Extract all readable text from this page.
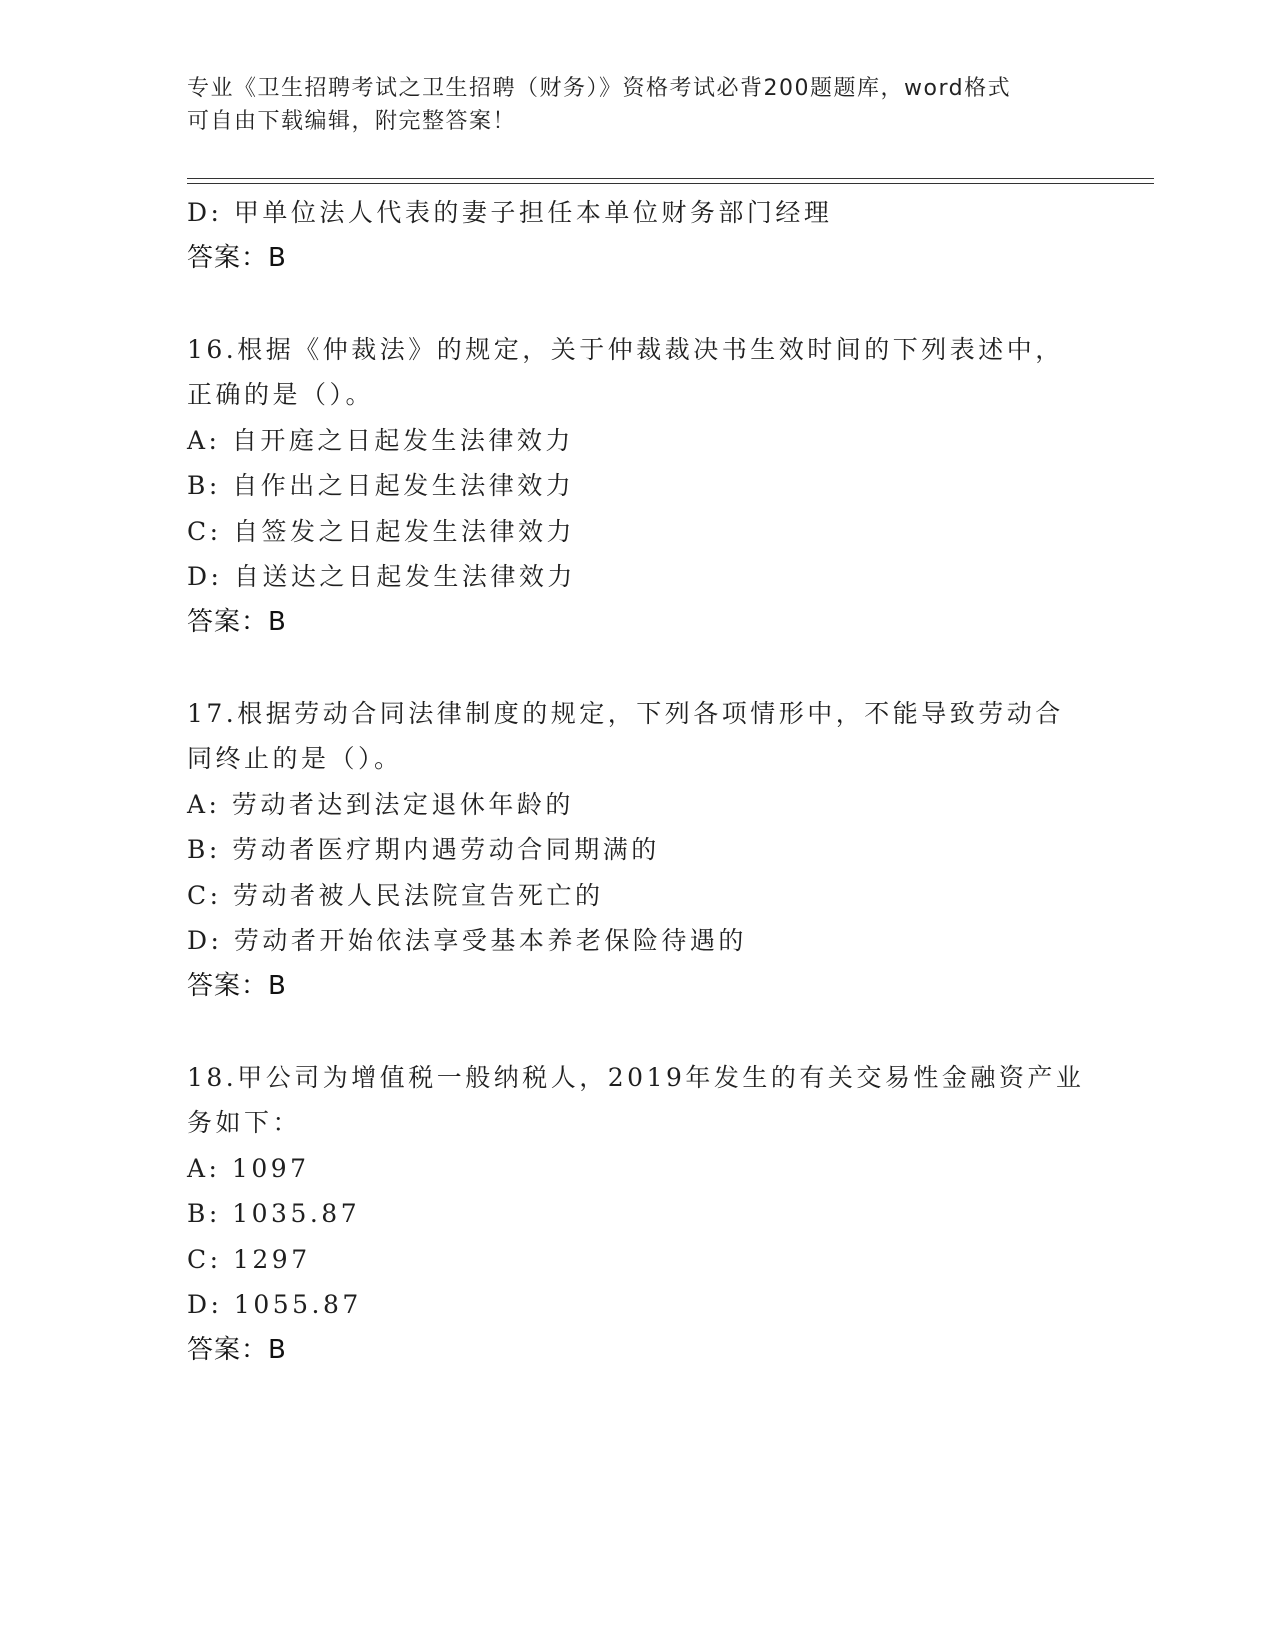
专业《卫生招聘考试之卫生招聘（财务）》资格考试必背200题题库，word格式
可自由下载编辑，附完整答案！
D: 甲单位法人代表的妻子担任本单位财务部门经理
答案：B
16.根据《仲裁法》的规定，关于仲裁裁决书生效时间的下列表述中，
正确的是（）。
A: 自开庭之日起发生法律效力
B: 自作出之日起发生法律效力
C: 自签发之日起发生法律效力
D: 自送达之日起发生法律效力
答案：B
17.根据劳动合同法律制度的规定，下列各项情形中，不能导致劳动合
同终止的是（）。
A: 劳动者达到法定退休年龄的
B: 劳动者医疗期内遇劳动合同期满的
C: 劳动者被人民法院宣告死亡的
D: 劳动者开始依法享受基本养老保险待遇的
答案：B
18.甲公司为增值税一般纳税人，2019年发生的有关交易性金融资产业
务如下：
A: 1097
B: 1035.87
C: 1297
D: 1055.87
答案：B
